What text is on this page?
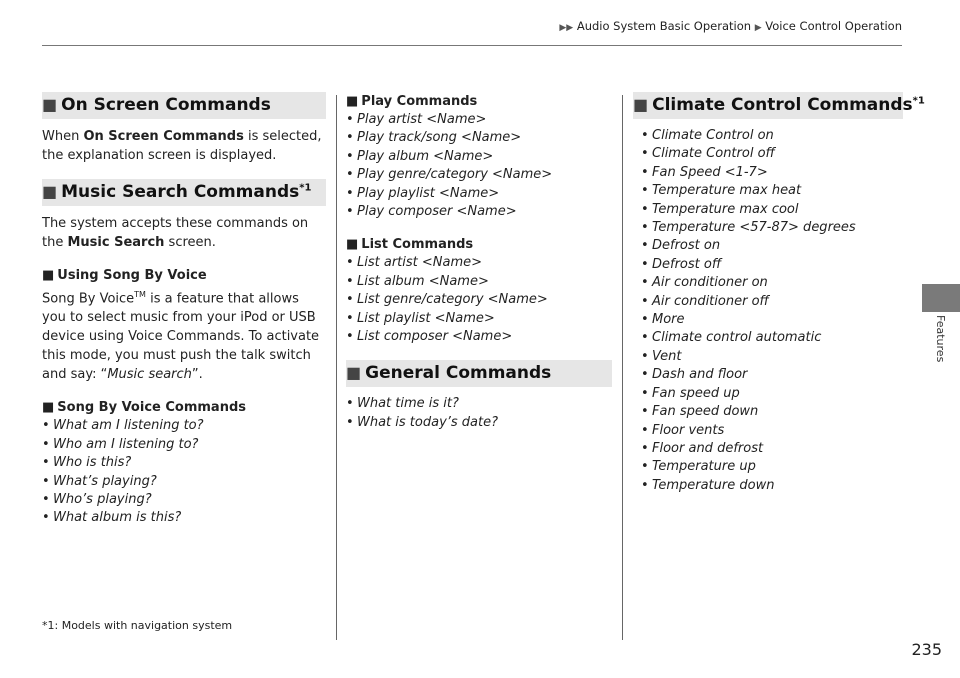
▶▶ Audio System Basic Operation ▶ Voice Control Operation
Features
■ On Screen Commands

When On Screen Commands is selected, the explanation screen is displayed.

■ Music Search Commands$^{*1}$

The system accepts these commands on the Music Search screen.

■ Using Song By Voice

Song By Voice™ is a feature that allows you to select music from your iPod or USB device using Voice Commands. To activate this mode, you must push the talk switch and say: “Music search”.

■ Song By Voice Commands
• What am I listening to?
• Who am I listening to?
• Who is this?
• What’s playing?
• Who’s playing?
• What album is this?
*1: Models with navigation system
■ Play Commands
• Play artist <Name>
• Play track/song <Name>
• Play album <Name>
• Play genre/category <Name>
• Play playlist <Name>
• Play composer <Name>
■ List Commands
• List artist <Name>
• List album <Name>
• List genre/category <Name>
• List playlist <Name>
• List composer <Name>
■ General Commands
• What time is it?
• What is today’s date?
■ Climate Control Commands$^{*1}$
• Climate Control on
• Climate Control off
• Fan Speed <1-7>
• Temperature max heat
• Temperature max cool
• Temperature <57-87> degrees
• Defrost on
• Defrost off
• Air conditioner on
• Air conditioner off
• More
• Climate control automatic
• Vent
• Dash and floor
• Fan speed up
• Fan speed down
• Floor vents
• Floor and defrost
• Temperature up
• Temperature down
235
